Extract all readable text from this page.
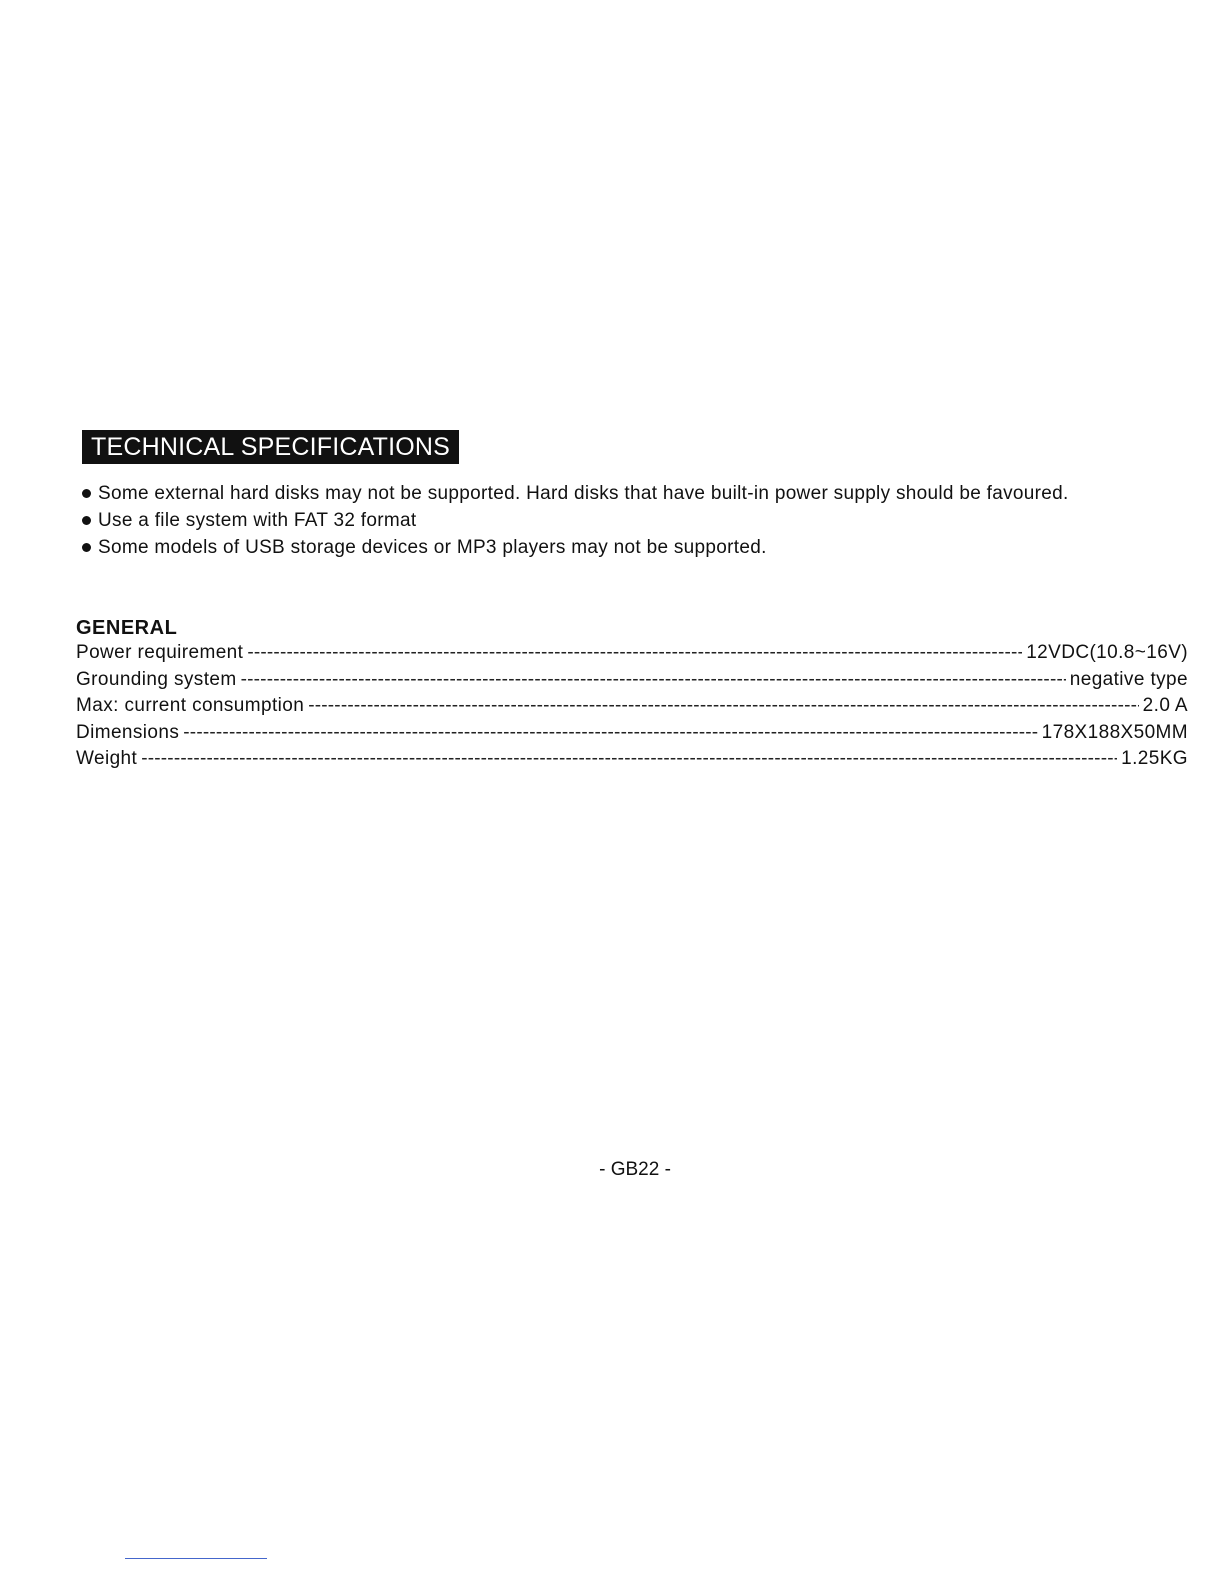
TECHNICAL SPECIFICATIONS
Some external hard disks may not be supported. Hard disks that have built-in power supply should be favoured.
Use a file system with FAT 32 format
Some models of USB storage devices or MP3 players may not be supported.
GENERAL
Power requirement -----	12VDC(10.8~16V)
Grounding system -----	negative type
Max: current consumption -----	2.0 A
Dimensions -----	178X188X50MM
Weight -----	1.25KG
- GB22 -
